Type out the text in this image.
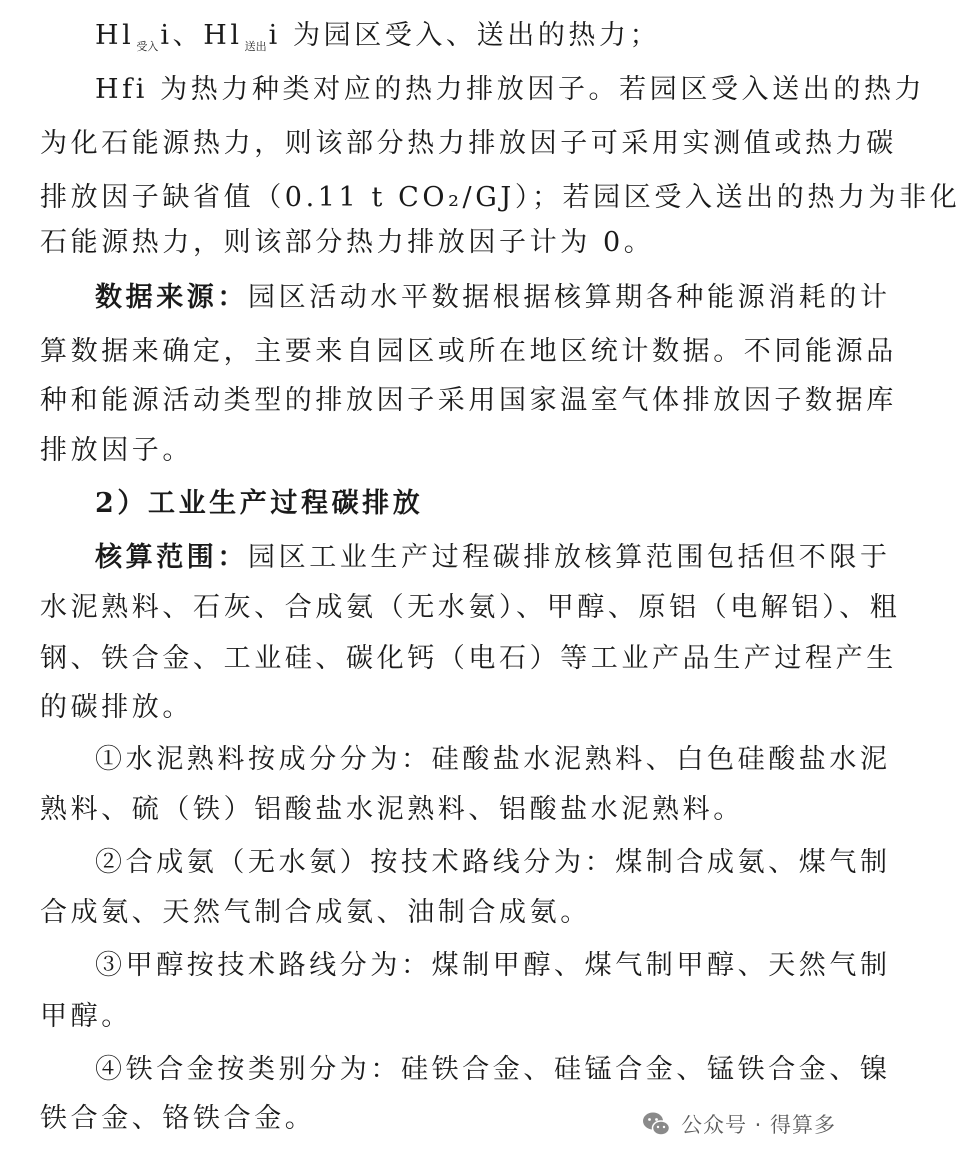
Hl $_{受入}$i、Hl $_{送出}$i 为园区受入、送出的热力；
Hfi 为热力种类对应的热力排放因子。若园区受入送出的热力
为化石能源热力，则该部分热力排放因子可采用实测值或热力碳
排放因子缺省值（0.11 t CO₂/GJ）；若园区受入送出的热力为非化
石能源热力，则该部分热力排放因子计为 0。
数据来源：园区活动水平数据根据核算期各种能源消耗的计
算数据来确定，主要来自园区或所在地区统计数据。不同能源品
种和能源活动类型的排放因子采用国家温室气体排放因子数据库
排放因子。
2）工业生产过程碳排放
核算范围：园区工业生产过程碳排放核算范围包括但不限于
水泥熟料、石灰、合成氨（无水氨）、甲醇、原铝（电解铝）、粗
钢、铁合金、工业硅、碳化钙（电石）等工业产品生产过程产生
的碳排放。
①水泥熟料按成分分为：硅酸盐水泥熟料、白色硅酸盐水泥
熟料、硫（铁）铝酸盐水泥熟料、铝酸盐水泥熟料。
②合成氨（无水氨）按技术路线分为：煤制合成氨、煤气制
合成氨、天然气制合成氨、油制合成氨。
③甲醇按技术路线分为：煤制甲醇、煤气制甲醇、天然气制
甲醇。
④铁合金按类别分为：硅铁合金、硅锰合金、锰铁合金、镍
铁合金、铬铁合金。	公众号 · 得算多
